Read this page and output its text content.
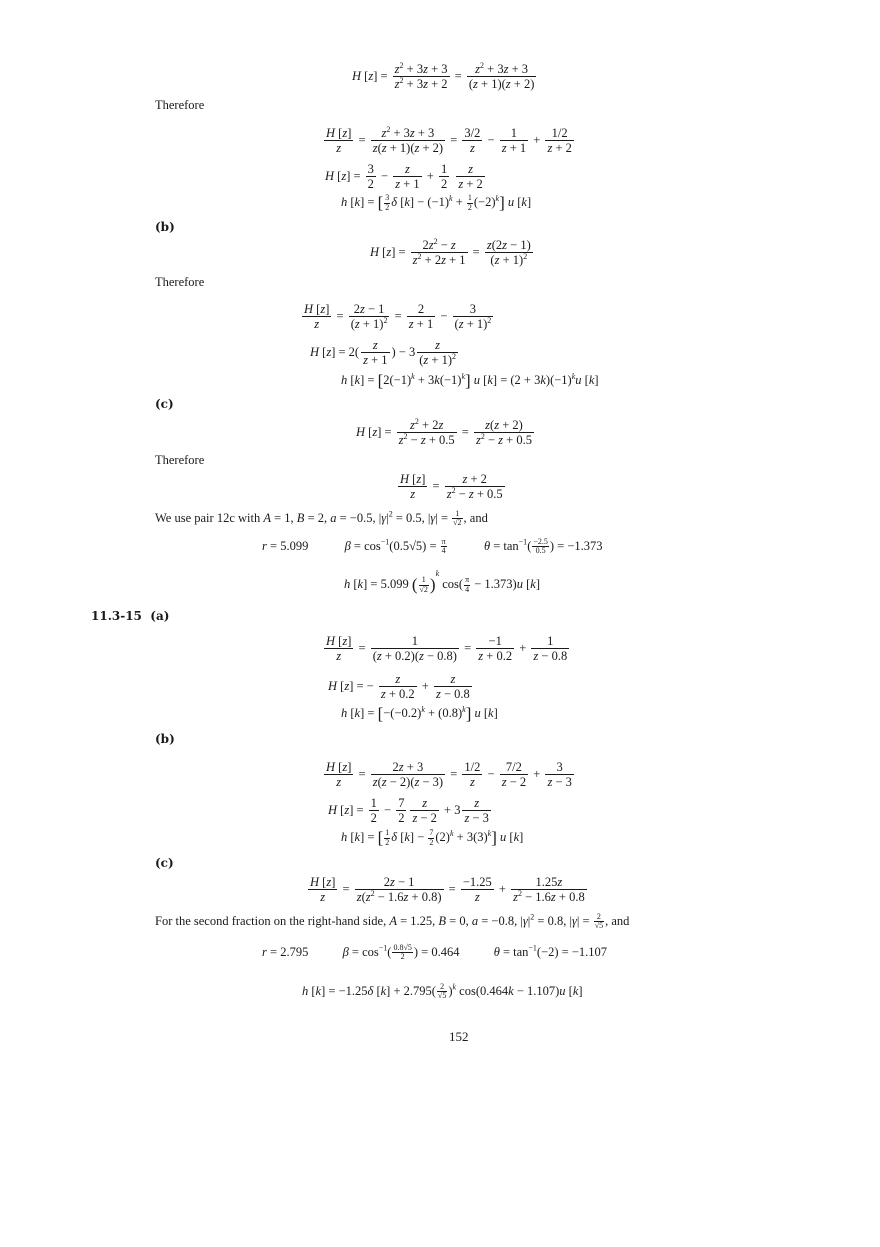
H $[z] = \frac{z^2 + 3z + 3}{z^2 + 3z + 2} = \frac{z^2 + 3z + 3}{(z + 1)(z + 2)}$
Therefore
$\frac{H [z]}{z} = \frac{z^2 + 3z + 3}{z(z + 1)(z + 2)} = \frac{3/2}{z} - \frac{1}{z + 1} + \frac{1/2}{z + 2}$
H $[z] = \frac{3}{2} - \frac{z}{z + 1} + \frac{1}{2}$
$\frac{z}{z + 2}$
h [k] = [ $\frac{3}{2}$ δ $[k] - (-1)^k + \frac{1}{2} (-2)^k$] u [k]
(b)
H $[z] = \frac{2z^2 - z}{z^2 + 2z + 1} = \frac{z(2z - 1)}{(z + 1)^2}$
Therefore
$\frac{H [z]}{z} = \frac{2z - 1}{(z + 1)^2} = \frac{2}{z + 1} - \frac{3}{(z + 1)^2}$
H $[z] = 2( \frac{z}{z + 1}$ ) − $3 \frac{z}{(z + 1)^2}$
h $[k] = [2(-1)^k + 3k(-1)^k]$ u $[k] = (2 + 3k)(-1)^ku$ [k]
(c)
H $[z] = \frac{z^2 + 2z}{z^2 - z + 0.5} = \frac{z(z + 2)}{z^2 - z + 0.5}$
Therefore
$\frac{H [z]}{z} = \frac{z + 2}{z^2 - z + 0.5}$
We use pair 12c with A = 1, B = 2, a = −0.5, $|\gamma|^2 = 0.5$, $|\gamma| = \frac{1}{√2}$ , and
r = 5.099	$\beta = \cos^{-1}(0.5√5) = \frac{\pi}{4}$	$\theta = \tan^{-1}( \frac{-2.5}{0.5}$ ) = −1.373
h [k] = 5.099 ( $\frac{1}{√2} )^k$ $\cos( \frac{\pi}{4} - 1.373)u$ [k]
11.3-15 (a)
$\frac{H [z]}{z} = \frac{1}{(z + 0.2)(z - 0.8)} = \frac{-1}{z + 0.2} + \frac{1}{z - 0.8}$
H [z] = − $\frac{z}{z + 0.2} + \frac{z}{z - 0.8}$
h $[k] = [-(-0.2)^k + (0.8)^k]$ u [k]
(b)
$\frac{H [z]}{z} = \frac{2z + 3}{z(z - 2)(z - 3)} = \frac{1/2}{z} - \frac{7/2}{z - 2} + \frac{3}{z - 3}$
H $[z] = \frac{1}{2} - \frac{7}{2} \frac{z}{z - 2} + 3 \frac{z}{z - 3}$
h [k] = [ $\frac{1}{2}$ δ $[k] - \frac{7}{2} (2)^k + 3(3)^k$] u [k]
(c)
$\frac{H [z]}{z} = \frac{2z - 1}{z(z^2 - 1.6z + 0.8)} = \frac{-1.25}{z} + \frac{1.25z}{z^2 - 1.6z + 0.8}$
For the second fraction on the right-hand side, A = 1.25, B = 0, a = −0.8, $|\gamma|^2 = 0.8$, $|\gamma| = \frac{2}{√5}$ , and
r = 2.795	$\beta = \cos^{-1}( \frac{0.8√5}{2}$ ) = 0.464	$\theta = \tan^{-1}(-2) = -1.107$
h [k] = −1.25δ $[k] + 2.795( \frac{2}{√5} )^k$ cos(0.464k − 1.107)u [k]
152
